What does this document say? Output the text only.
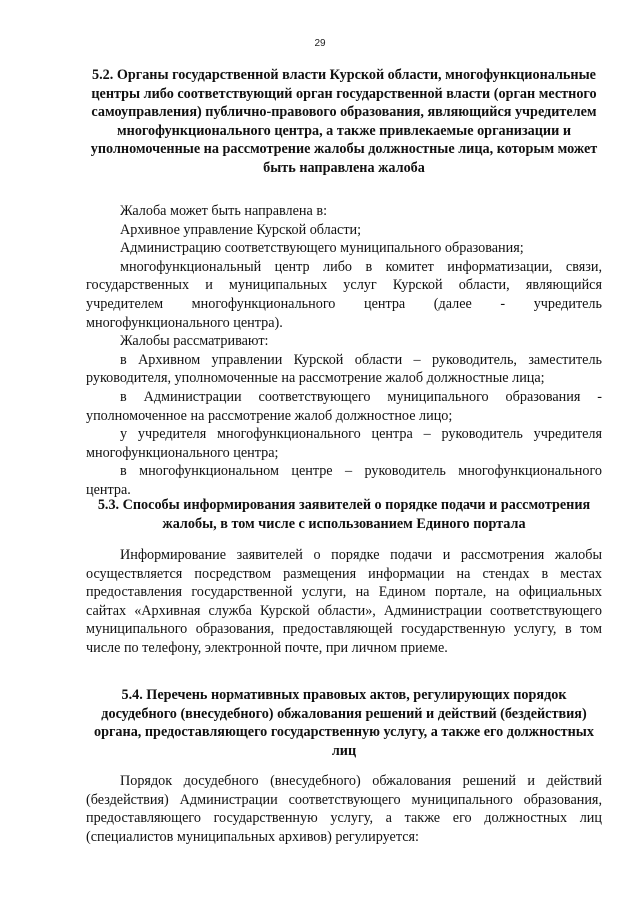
29

5.2. Органы государственной власти Курской области, многофункциональные центры либо соответствующий орган государственной власти (орган местного самоуправления) публично-правового образования, являющийся учредителем многофункционального центра, а также привлекаемые организации и уполномоченные на рассмотрение жалобы должностные лица, которым может быть направлена жалоба

Жалоба может быть направлена в:

Архивное управление Курской области;

Администрацию соответствующего муниципального образования;

многофункциональный центр либо в комитет информатизации, связи, государственных и муниципальных услуг Курской области, являющийся учредителем многофункционального центра (далее - учредитель многофункционального центра).

Жалобы рассматривают:

в Архивном управлении Курской области – руководитель, заместитель руководителя, уполномоченные на рассмотрение жалоб должностные лица;

в Администрации соответствующего муниципального образования - уполномоченное на рассмотрение жалоб должностное лицо;

у учредителя многофункционального центра – руководитель учредителя многофункционального центра;

в многофункциональном центре – руководитель многофункционального центра.

5.3. Способы информирования заявителей о порядке подачи и рассмотрения жалобы, в том числе с использованием Единого портала

Информирование заявителей о порядке подачи и рассмотрения жалобы осуществляется посредством размещения информации на стендах в местах предоставления государственной услуги, на Едином портале, на официальных сайтах «Архивная служба Курской области», Администрации соответствующего муниципального образования, предоставляющей государственную услугу, в том числе по телефону, электронной почте, при личном приеме.

5.4. Перечень нормативных правовых актов, регулирующих порядок досудебного (внесудебного) обжалования решений и действий (бездействия) органа, предоставляющего государственную услугу, а также его должностных лиц

Порядок досудебного (внесудебного) обжалования решений и действий (бездействия) Администрации соответствующего муниципального образования, предоставляющего государственную услугу, а также его должностных лиц (специалистов муниципальных архивов) регулируется:
